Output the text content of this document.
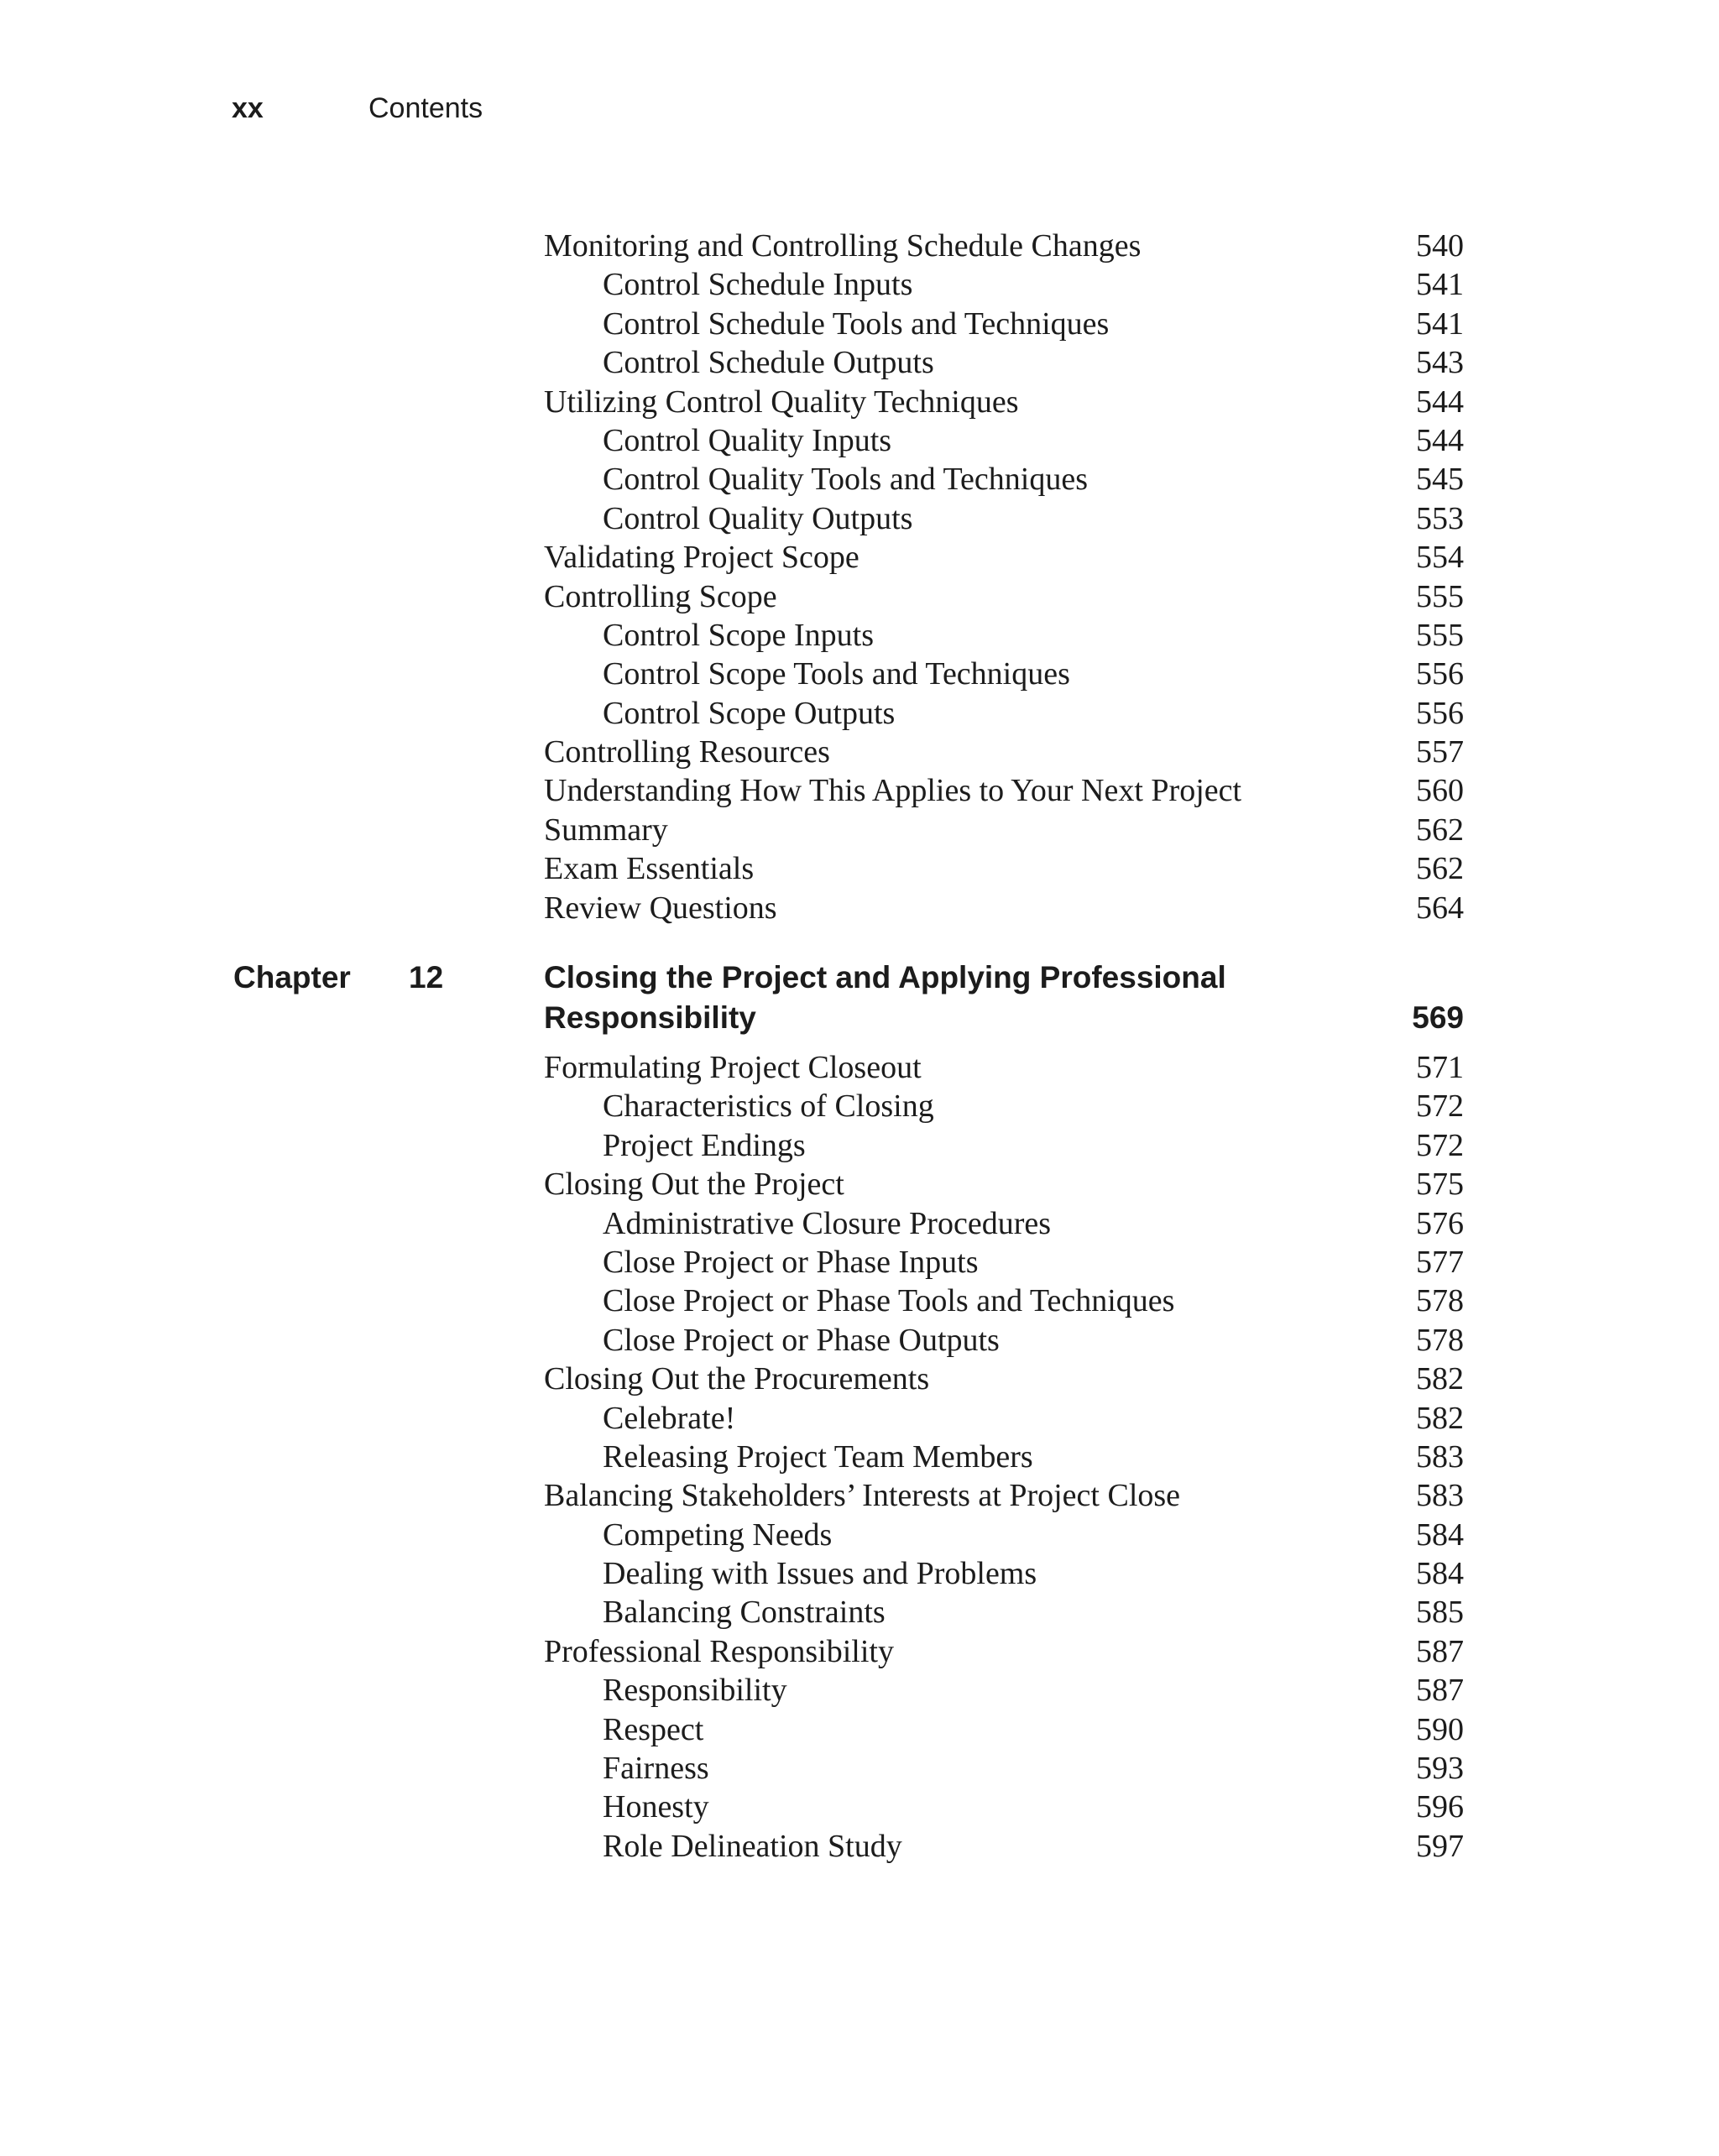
xx	Contents
Monitoring and Controlling Schedule Changes	540
Control Schedule Inputs	541
Control Schedule Tools and Techniques	541
Control Schedule Outputs	543
Utilizing Control Quality Techniques	544
Control Quality Inputs	544
Control Quality Tools and Techniques	545
Control Quality Outputs	553
Validating Project Scope	554
Controlling Scope	555
Control Scope Inputs	555
Control Scope Tools and Techniques	556
Control Scope Outputs	556
Controlling Resources	557
Understanding How This Applies to Your Next Project	560
Summary	562
Exam Essentials	562
Review Questions	564
Chapter 12	Closing the Project and Applying Professional Responsibility	569
Formulating Project Closeout	571
Characteristics of Closing	572
Project Endings	572
Closing Out the Project	575
Administrative Closure Procedures	576
Close Project or Phase Inputs	577
Close Project or Phase Tools and Techniques	578
Close Project or Phase Outputs	578
Closing Out the Procurements	582
Celebrate!	582
Releasing Project Team Members	583
Balancing Stakeholders’ Interests at Project Close	583
Competing Needs	584
Dealing with Issues and Problems	584
Balancing Constraints	585
Professional Responsibility	587
Responsibility	587
Respect	590
Fairness	593
Honesty	596
Role Delineation Study	597
